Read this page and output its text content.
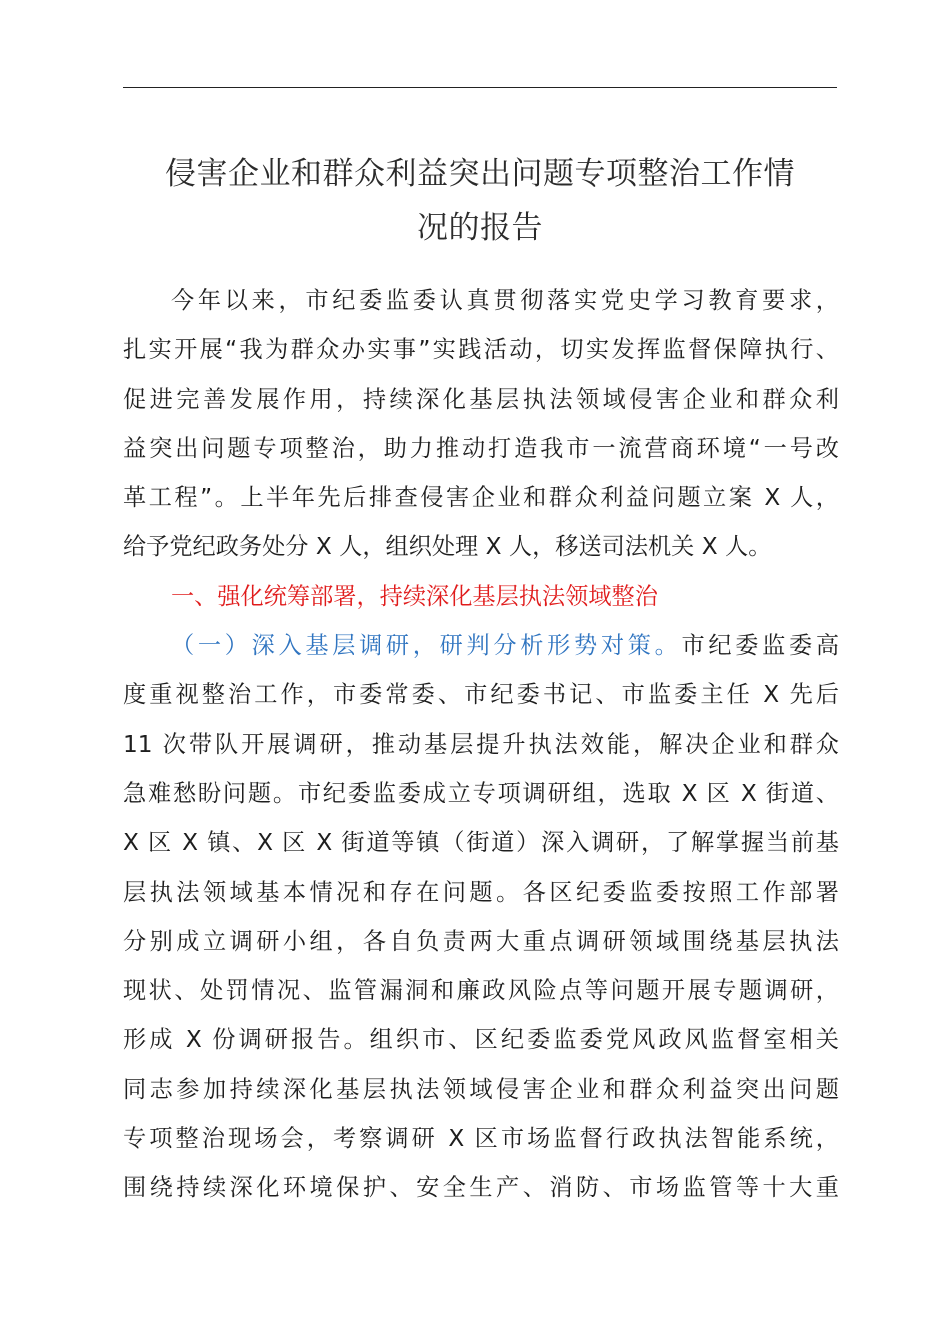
侵害企业和群众利益突出问题专项整治工作情
况的报告
今年以来，市纪委监委认真贯彻落实党史学习教育要求，
扎实开展“我为群众办实事”实践活动，切实发挥监督保障执行、
促进完善发展作用，持续深化基层执法领域侵害企业和群众利
益突出问题专项整治，助力推动打造我市一流营商环境“一号改
革工程”。上半年先后排查侵害企业和群众利益问题立案 X 人，
给予党纪政务处分 X 人，组织处理 X 人，移送司法机关 X 人。
一、强化统筹部署，持续深化基层执法领域整治
（一）深入基层调研，研判分析形势对策。市纪委监委高
度重视整治工作，市委常委、市纪委书记、市监委主任 X 先后
11 次带队开展调研，推动基层提升执法效能，解决企业和群众
急难愁盼问题。市纪委监委成立专项调研组，选取 X 区 X 街道、
X 区 X 镇、X 区 X 街道等镇（街道）深入调研，了解掌握当前基
层执法领域基本情况和存在问题。各区纪委监委按照工作部署
分别成立调研小组，各自负责两大重点调研领域围绕基层执法
现状、处罚情况、监管漏洞和廉政风险点等问题开展专题调研，
形成 X 份调研报告。组织市、区纪委监委党风政风监督室相关
同志参加持续深化基层执法领域侵害企业和群众利益突出问题
专项整治现场会，考察调研 X 区市场监督行政执法智能系统，
围绕持续深化环境保护、安全生产、消防、市场监管等十大重
